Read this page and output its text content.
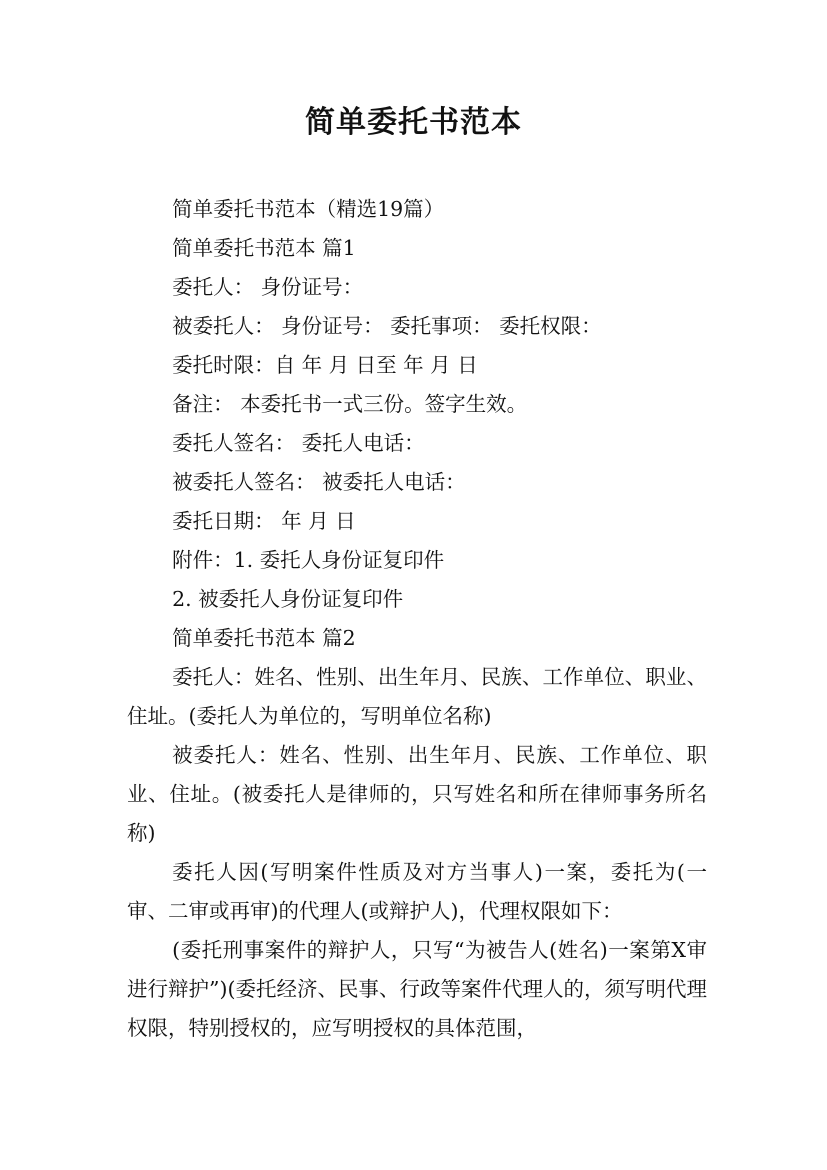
简单委托书范本

简单委托书范本（精选19篇）

简单委托书范本 篇1

委托人： 身份证号：

被委托人： 身份证号： 委托事项： 委托权限：

委托时限：自 年 月 日至 年 月 日

备注： 本委托书一式三份。签字生效。

委托人签名： 委托人电话：

被委托人签名： 被委托人电话：

委托日期： 年 月 日

附件：1. 委托人身份证复印件

2. 被委托人身份证复印件

简单委托书范本 篇2

委托人：姓名、性别、出生年月、民族、工作单位、职业、住址。(委托人为单位的，写明单位名称)

被委托人：姓名、性别、出生年月、民族、工作单位、职业、住址。(被委托人是律师的，只写姓名和所在律师事务所名称)

委托人因(写明案件性质及对方当事人)一案，委托为(一审、二审或再审)的代理人(或辩护人)，代理权限如下：

(委托刑事案件的辩护人，只写“为被告人(姓名)一案第X审进行辩护”)(委托经济、民事、行政等案件代理人的，须写明代理权限，特别授权的，应写明授权的具体范围，
